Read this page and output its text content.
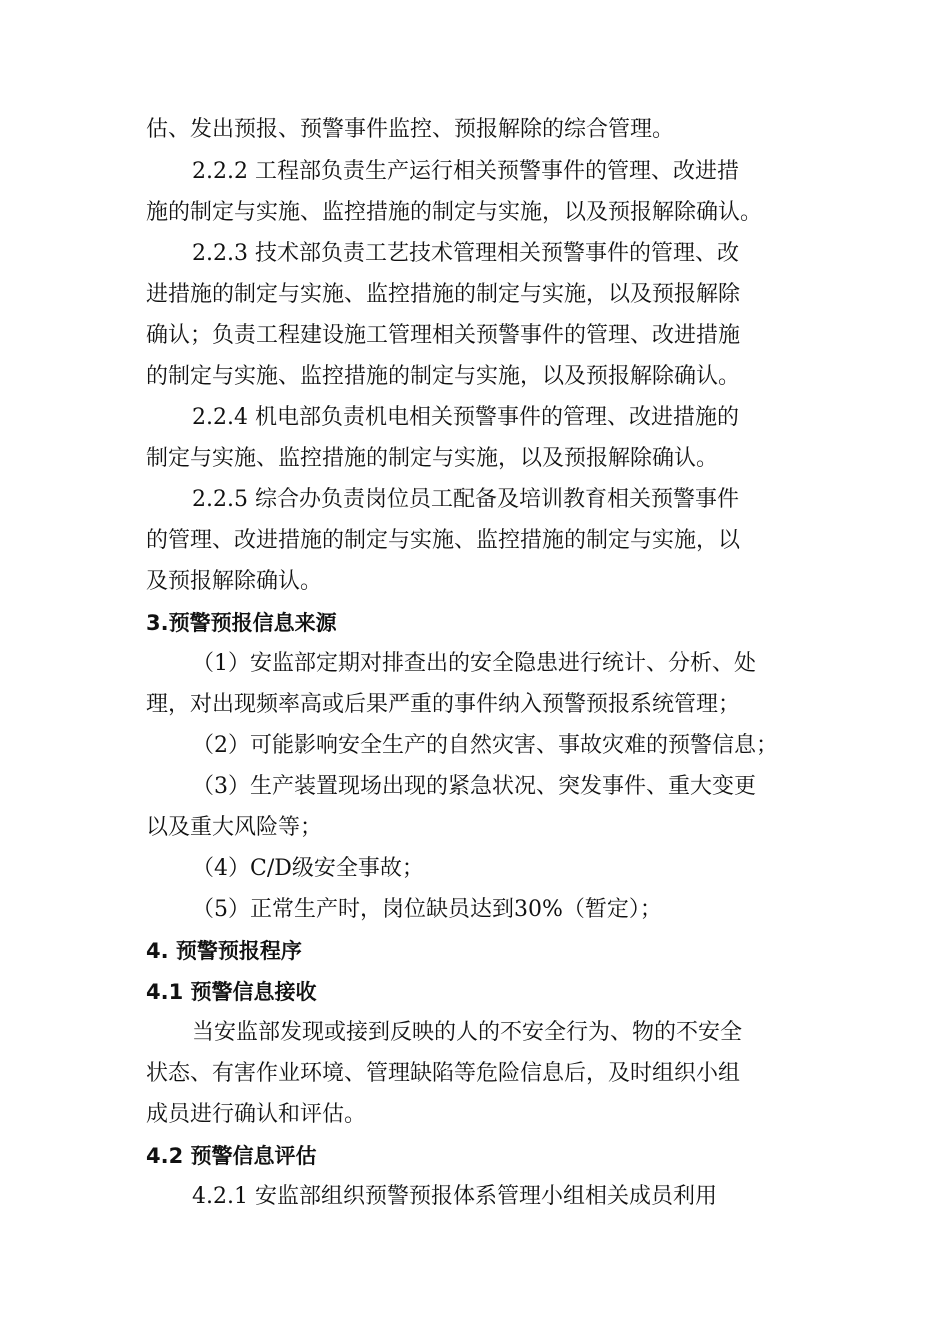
估、发出预报、预警事件监控、预报解除的综合管理。
2.2.2 工程部负责生产运行相关预警事件的管理、改进措
施的制定与实施、监控措施的制定与实施，以及预报解除确认。
2.2.3 技术部负责工艺技术管理相关预警事件的管理、改
进措施的制定与实施、监控措施的制定与实施，以及预报解除
确认；负责工程建设施工管理相关预警事件的管理、改进措施
的制定与实施、监控措施的制定与实施，以及预报解除确认。
2.2.4 机电部负责机电相关预警事件的管理、改进措施的
制定与实施、监控措施的制定与实施，以及预报解除确认。
2.2.5 综合办负责岗位员工配备及培训教育相关预警事件
的管理、改进措施的制定与实施、监控措施的制定与实施，以
及预报解除确认。
3.预警预报信息来源
（1）安监部定期对排查出的安全隐患进行统计、分析、处
理，对出现频率高或后果严重的事件纳入预警预报系统管理；
（2）可能影响安全生产的自然灾害、事故灾难的预警信息；
（3）生产装置现场出现的紧急状况、突发事件、重大变更
以及重大风险等；
（4）C/D级安全事故；
（5）正常生产时，岗位缺员达到30%（暂定）；
4. 预警预报程序
4.1 预警信息接收
当安监部发现或接到反映的人的不安全行为、物的不安全
状态、有害作业环境、管理缺陷等危险信息后，及时组织小组
成员进行确认和评估。
4.2 预警信息评估
4.2.1 安监部组织预警预报体系管理小组相关成员利用
